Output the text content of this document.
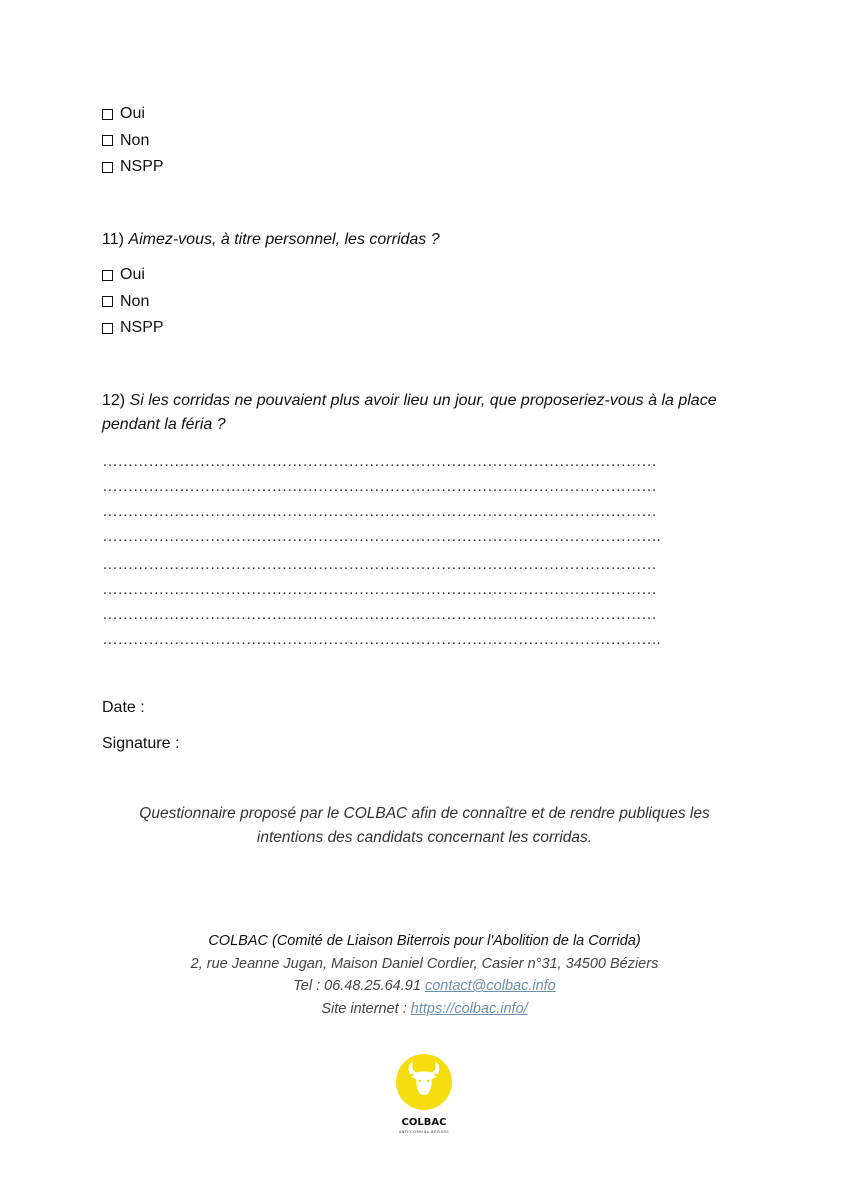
Oui
Non
NSPP
11) Aimez-vous, à titre personnel, les corridas ?
Oui
Non
NSPP
12) Si les corridas ne pouvaient plus avoir lieu un jour, que proposeriez-vous à la place pendant la féria ?
………………………………………………………………………………………………
………………………………………………………………………………………………
………………………………………………………………………………………………
……………………………………………………………………………………………….
………………………………………………………………………………………………
………………………………………………………………………………………………
………………………………………………………………………………………………
……………………………………………………………………………………………….
Date :
Signature :
Questionnaire proposé par le COLBAC afin de connaître et de rendre publiques les
intentions des candidats concernant les corridas.
COLBAC (Comité de Liaison Biterrois pour l'Abolition de la Corrida)
2, rue Jeanne Jugan, Maison Daniel Cordier, Casier n°31, 34500 Béziers
Tel : 06.48.25.64.91 contact@colbac.info
Site internet : https://colbac.info/
COLBAC
ANTI CORRIDA BÉZIERS
